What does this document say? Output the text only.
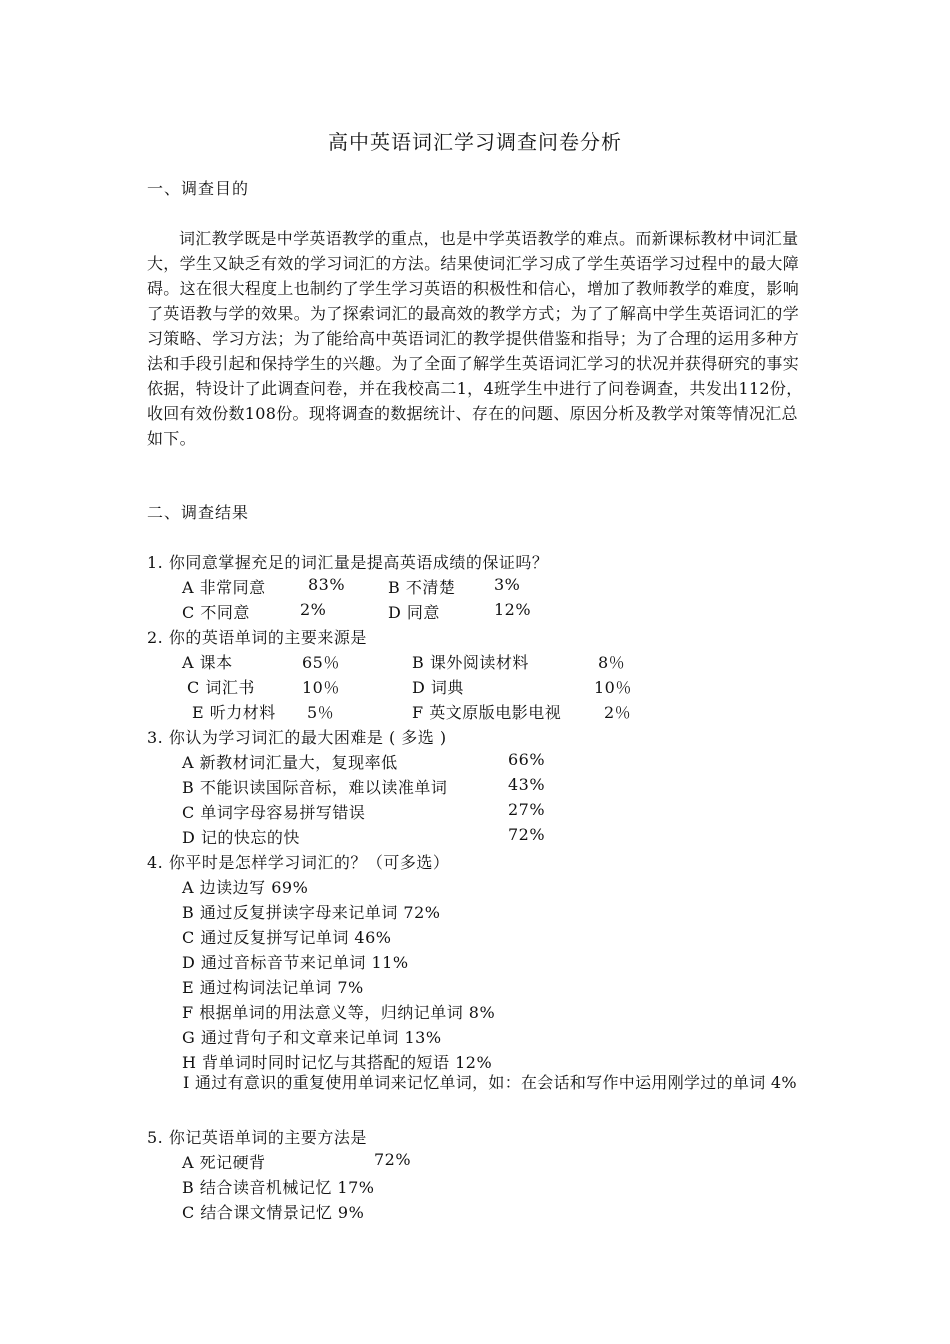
高中英语词汇学习调查问卷分析
一、调查目的

词汇教学既是中学英语教学的重点，也是中学英语教学的难点。而新课标教材中词汇量大，学生又缺乏有效的学习词汇的方法。结果使词汇学习成了学生英语学习过程中的最大障碍。这在很大程度上也制约了学生学习英语的积极性和信心，增加了教师教学的难度，影响了英语教与学的效果。为了探索词汇的最高效的教学方式；为了了解高中学生英语词汇的学习策略、学习方法；为了能给高中英语词汇的教学提供借鉴和指导；为了合理的运用多种方法和手段引起和保持学生的兴趣。为了全面了解学生英语词汇学习的状况并获得研究的事实依据，特设计了此调查问卷，并在我校高二1，4班学生中进行了问卷调查，共发出112份，收回有效份数108份。现将调查的数据统计、存在的问题、原因分析及教学对策等情况汇总如下。

二、调查结果
1. 你同意掌握充足的词汇量是提高英语成绩的保证吗？
A 非常同意	83%	B 不清楚 3%
C 不同意	2%	D 同意	12%
2. 你的英语单词的主要来源是
A 课本	65％	B 课外阅读材料	8％
C 词汇书	10％	D 词典	10％
E 听力材料 5％	F 英文原版电影电视	2％
3. 你认为学习词汇的最大困难是 ( 多选 )
A 新教材词汇量大，复现率低	66%
B 不能识读国际音标，难以读准单词	43%
C 单词字母容易拼写错误	27%
D 记的快忘的快	72%
4. 你平时是怎样学习词汇的？（可多选）
A 边读边写 69%
B 通过反复拼读字母来记单词 72%
C 通过反复拼写记单词 46%
D 通过音标音节来记单词 11%
E 通过构词法记单词 7%
F 根据单词的用法意义等，归纳记单词 8%
G 通过背句子和文章来记单词 13%
H 背单词时同时记忆与其搭配的短语 12%

I 通过有意识的重复使用单词来记忆单词，如：在会话和写作中运用刚学过的单词 4%

5. 你记英语单词的主要方法是
A 死记硬背	72%
B 结合读音机械记忆 17%
C 结合课文情景记忆 9%
